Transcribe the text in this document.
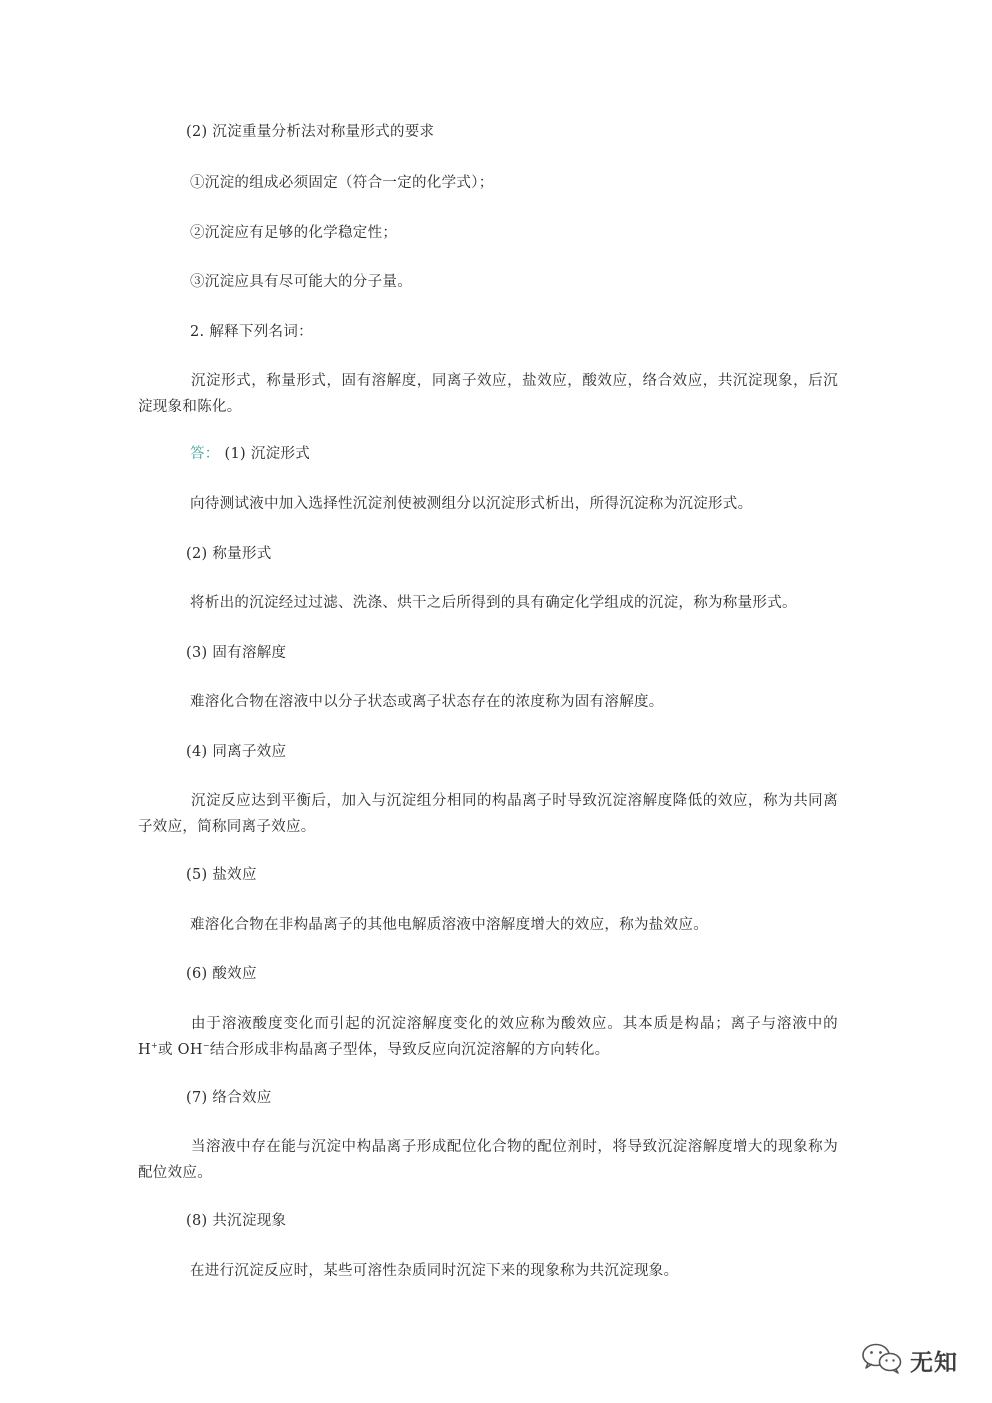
(2) 沉淀重量分析法对称量形式的要求
①沉淀的组成必须固定（符合一定的化学式）；
②沉淀应有足够的化学稳定性；
③沉淀应具有尽可能大的分子量。
2. 解释下列名词：
沉淀形式，称量形式，固有溶解度，同离子效应，盐效应，酸效应，络合效应，共沉淀现象，后沉淀现象和陈化。
答： (1) 沉淀形式
向待测试液中加入选择性沉淀剂使被测组分以沉淀形式析出，所得沉淀称为沉淀形式。
(2) 称量形式
将析出的沉淀经过过滤、洗涤、烘干之后所得到的具有确定化学组成的沉淀，称为称量形式。
(3) 固有溶解度
难溶化合物在溶液中以分子状态或离子状态存在的浓度称为固有溶解度。
(4) 同离子效应
沉淀反应达到平衡后，加入与沉淀组分相同的构晶离子时导致沉淀溶解度降低的效应，称为共同离子效应，简称同离子效应。
(5) 盐效应
难溶化合物在非构晶离子的其他电解质溶液中溶解度增大的效应，称为盐效应。
(6) 酸效应
由于溶液酸度变化而引起的沉淀溶解度变化的效应称为酸效应。其本质是构晶；离子与溶液中的H+或 OH−结合形成非构晶离子型体，导致反应向沉淀溶解的方向转化。
(7) 络合效应
当溶液中存在能与沉淀中构晶离子形成配位化合物的配位剂时，将导致沉淀溶解度增大的现象称为配位效应。
(8) 共沉淀现象
在进行沉淀反应时，某些可溶性杂质同时沉淀下来的现象称为共沉淀现象。
无知
